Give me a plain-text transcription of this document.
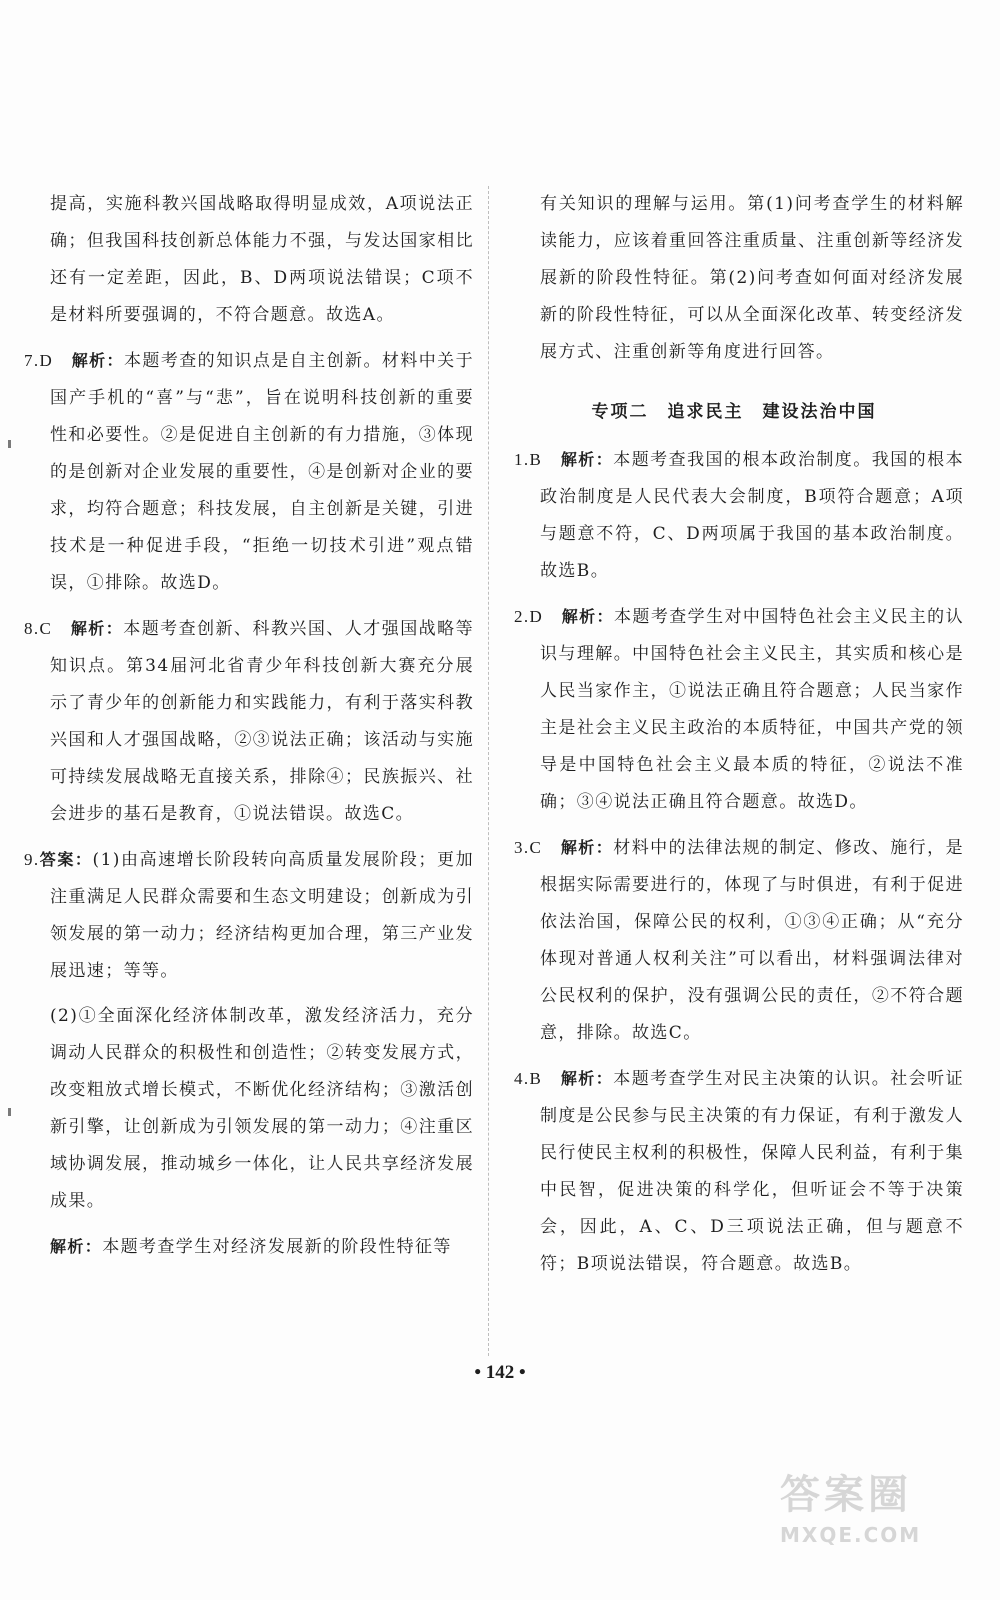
提高，实施科教兴国战略取得明显成效，A项说法正确；但我国科技创新总体能力不强，与发达国家相比还有一定差距，因此，B、D两项说法错误；C项不是材料所要强调的，不符合题意。故选A。

7.D　 解析：本题考查的知识点是自主创新。材料中关于国产手机的“喜”与“悲”，旨在说明科技创新的重要性和必要性。②是促进自主创新的有力措施，③体现的是创新对企业发展的重要性，④是创新对企业的要求，均符合题意；科技发展，自主创新是关键，引进技术是一种促进手段，“拒绝一切技术引进”观点错误，①排除。故选D。

8.C　 解析：本题考查创新、科教兴国、人才强国战略等知识点。第34届河北省青少年科技创新大赛充分展示了青少年的创新能力和实践能力，有利于落实科教兴国和人才强国战略，②③说法正确；该活动与实施可持续发展战略无直接关系，排除④；民族振兴、社会进步的基石是教育，①说法错误。故选C。

9.答案：(1)由高速增长阶段转向高质量发展阶段；更加注重满足人民群众需要和生态文明建设；创新成为引领发展的第一动力；经济结构更加合理，第三产业发展迅速；等等。

(2)①全面深化经济体制改革，激发经济活力，充分调动人民群众的积极性和创造性；②转变发展方式，改变粗放式增长模式，不断优化经济结构；③激活创新引擎，让创新成为引领发展的第一动力；④注重区域协调发展，推动城乡一体化，让人民共享经济发展成果。

解析：本题考查学生对经济发展新的阶段性特征等

有关知识的理解与运用。第(1)问考查学生的材料解读能力，应该着重回答注重质量、注重创新等经济发展新的阶段性特征。第(2)问考查如何面对经济发展新的阶段性特征，可以从全面深化改革、转变经济发展方式、注重创新等角度进行回答。

专项二　追求民主　建设法治中国

1.B　 解析：本题考查我国的根本政治制度。我国的根本政治制度是人民代表大会制度，B项符合题意；A项与题意不符，C、D两项属于我国的基本政治制度。故选B。

2.D　 解析：本题考查学生对中国特色社会主义民主的认识与理解。中国特色社会主义民主，其实质和核心是人民当家作主，①说法正确且符合题意；人民当家作主是社会主义民主政治的本质特征，中国共产党的领导是中国特色社会主义最本质的特征，②说法不准确；③④说法正确且符合题意。故选D。

3.C　 解析：材料中的法律法规的制定、修改、施行，是根据实际需要进行的，体现了与时俱进，有利于促进依法治国，保障公民的权利，①③④正确；从“充分体现对普通人权利关注”可以看出，材料强调法律对公民权利的保护，没有强调公民的责任，②不符合题意，排除。故选C。

4.B　 解析：本题考查学生对民主决策的认识。社会听证制度是公民参与民主决策的有力保证，有利于激发人民行使民主权利的积极性，保障人民利益，有利于集中民智，促进决策的科学化，但听证会不等于决策会，因此，A、C、D三项说法正确，但与题意不符；B项说法错误，符合题意。故选B。

• 142 •
答案圈
MXQE.COM
